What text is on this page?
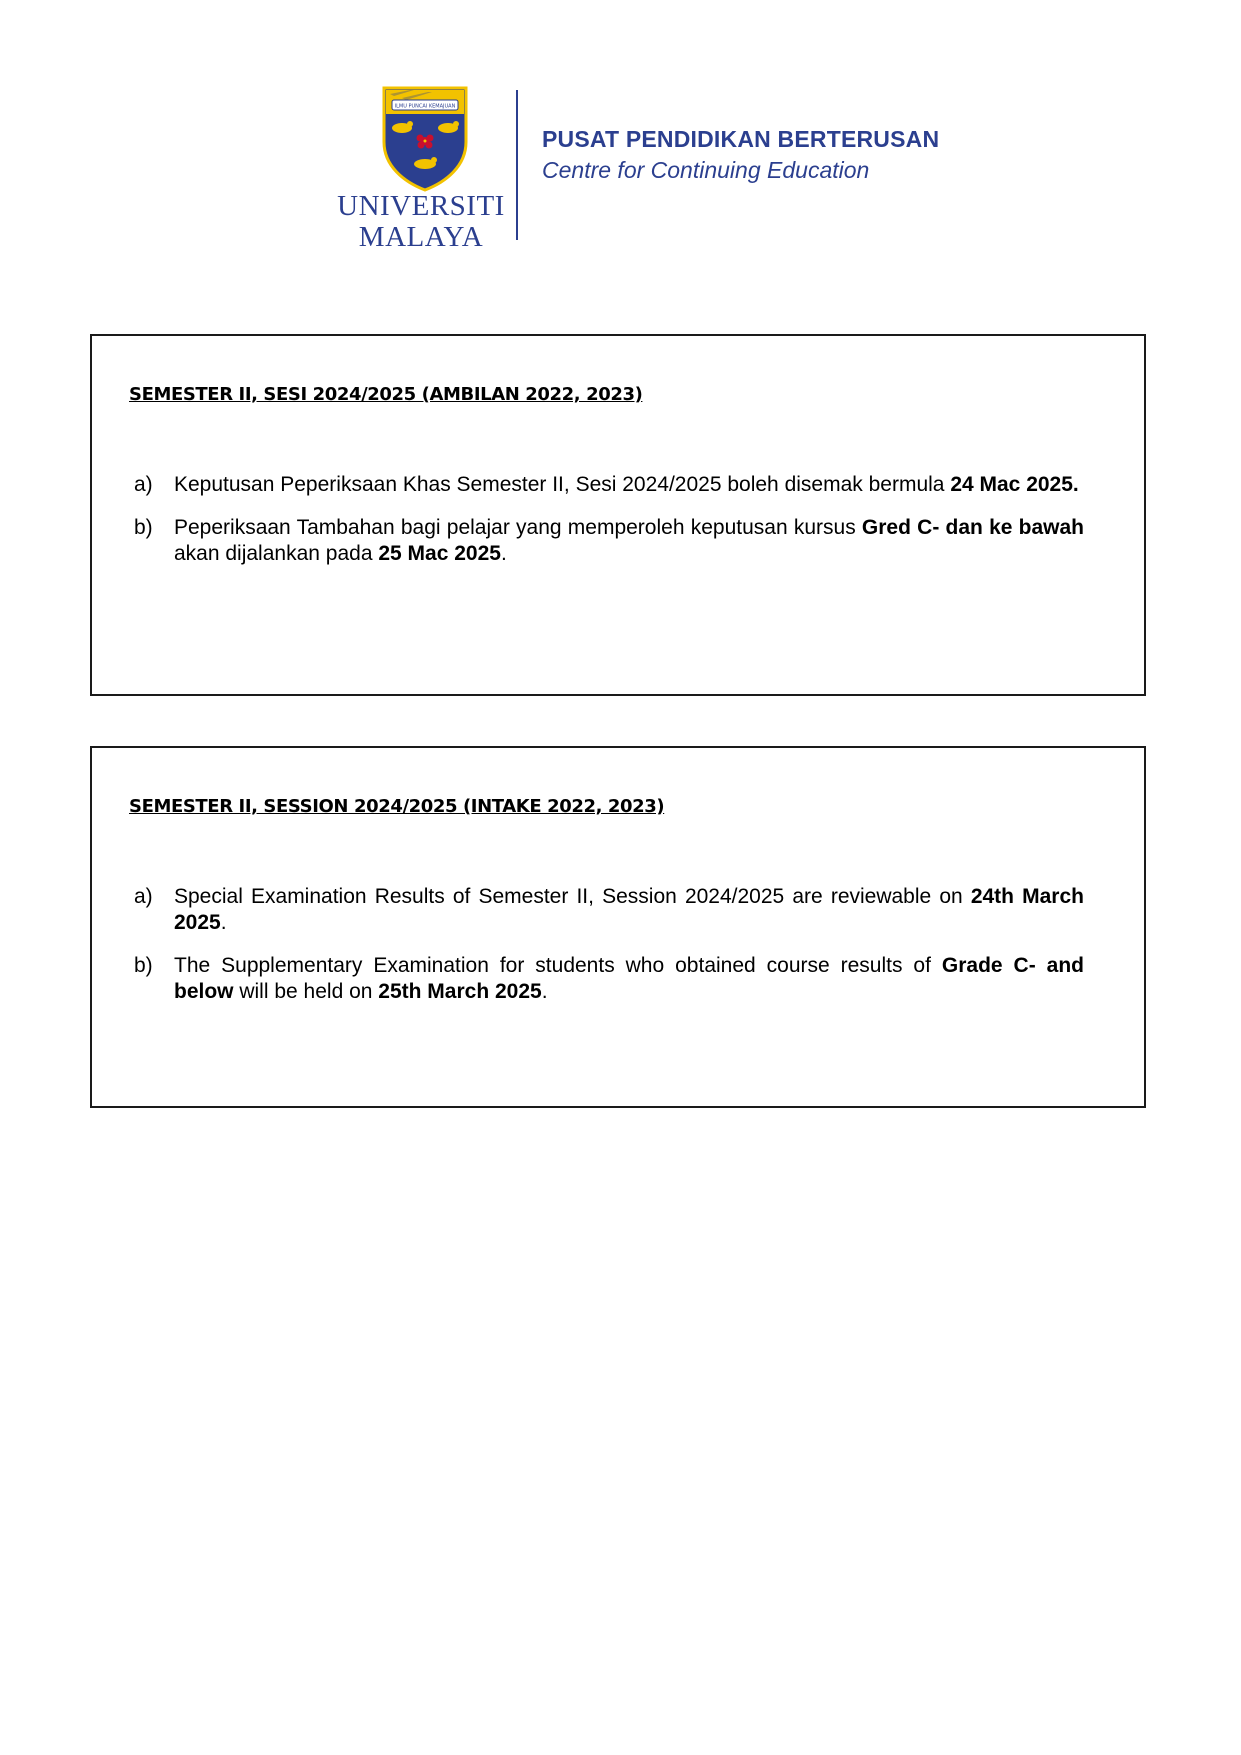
ILMU PUNCAI KEMAJUAN
UNIVERSITI
MALAYA
PUSAT PENDIDIKAN BERTERUSAN
Centre for Continuing Education
SEMESTER II, SESI 2024/2025 (AMBILAN 2022, 2023)
a) Keputusan Peperiksaan Khas Semester II, Sesi 2024/2025 boleh disemak bermula 24 Mac 2025.
b) Peperiksaan Tambahan bagi pelajar yang memperoleh keputusan kursus Gred C- dan ke bawah akan dijalankan pada 25 Mac 2025.
SEMESTER II, SESSION 2024/2025 (INTAKE 2022, 2023)
a) Special Examination Results of Semester II, Session 2024/2025 are reviewable on 24th March 2025.
b) The Supplementary Examination for students who obtained course results of Grade C- and below will be held on 25th March 2025.
